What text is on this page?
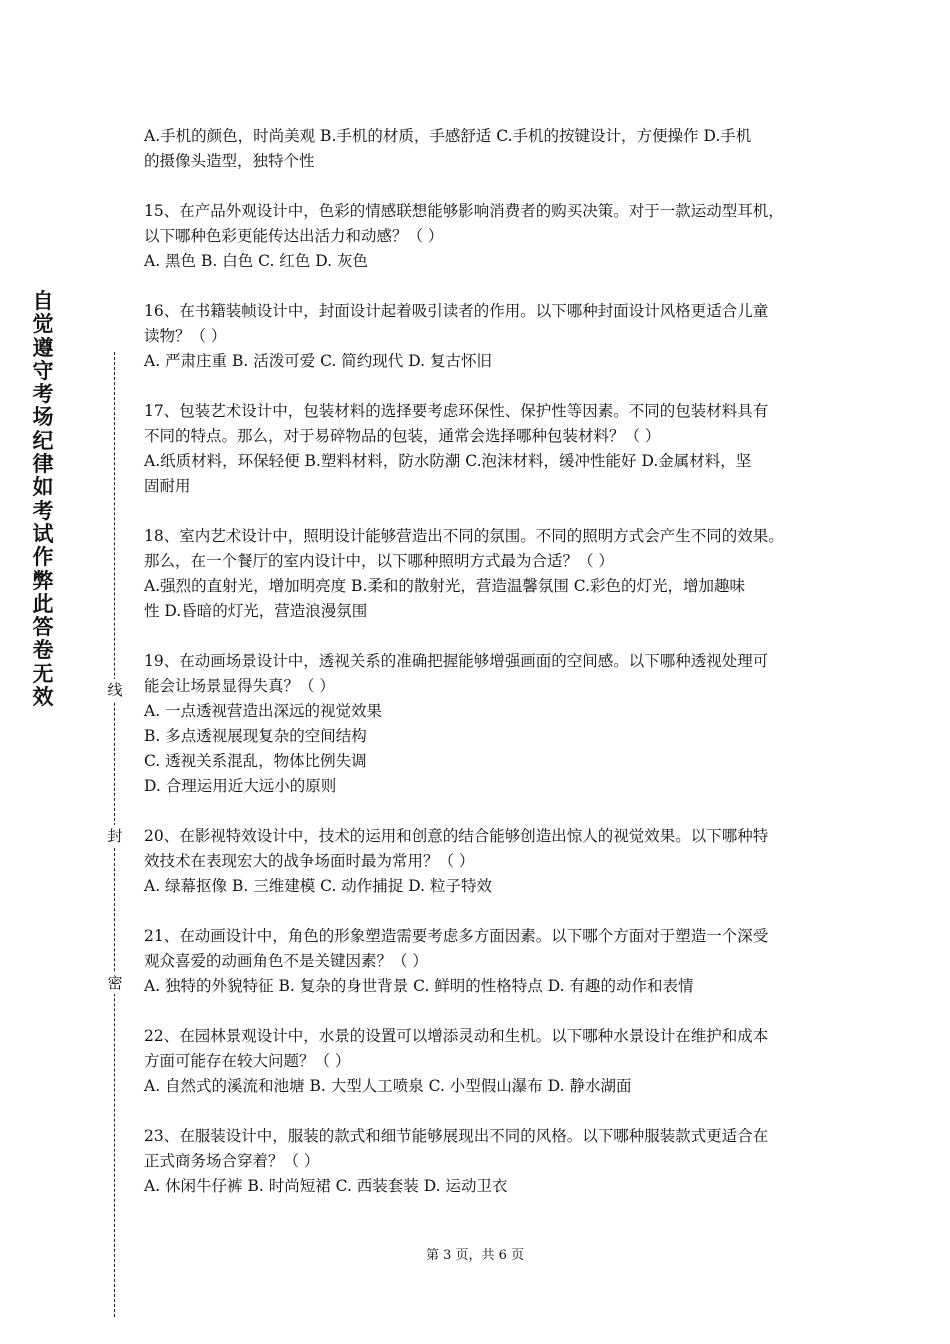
自觉遵守考场纪律如考试作弊此答卷无效	线
封
密
A.手机的颜色，时尚美观 B.手机的材质，手感舒适 C.手机的按键设计，方便操作 D.手机
的摄像头造型，独特个性
15、在产品外观设计中，色彩的情感联想能够影响消费者的购买决策。对于一款运动型耳机，
以下哪种色彩更能传达出活力和动感？（ ）
A. 黑色 B. 白色 C. 红色 D. 灰色
16、在书籍装帧设计中，封面设计起着吸引读者的作用。以下哪种封面设计风格更适合儿童
读物？（ ）
A. 严肃庄重 B. 活泼可爱 C. 简约现代 D. 复古怀旧
17、包装艺术设计中，包装材料的选择要考虑环保性、保护性等因素。不同的包装材料具有
不同的特点。那么，对于易碎物品的包装，通常会选择哪种包装材料？（ ）
A.纸质材料，环保轻便 B.塑料材料，防水防潮 C.泡沫材料，缓冲性能好 D.金属材料，坚
固耐用
18、室内艺术设计中，照明设计能够营造出不同的氛围。不同的照明方式会产生不同的效果。
那么，在一个餐厅的室内设计中，以下哪种照明方式最为合适？（ ）
A.强烈的直射光，增加明亮度 B.柔和的散射光，营造温馨氛围 C.彩色的灯光，增加趣味
性 D.昏暗的灯光，营造浪漫氛围
19、在动画场景设计中，透视关系的准确把握能够增强画面的空间感。以下哪种透视处理可
能会让场景显得失真？（ ）
A. 一点透视营造出深远的视觉效果
B. 多点透视展现复杂的空间结构
C. 透视关系混乱，物体比例失调
D. 合理运用近大远小的原则
20、在影视特效设计中，技术的运用和创意的结合能够创造出惊人的视觉效果。以下哪种特
效技术在表现宏大的战争场面时最为常用？（ ）
A. 绿幕抠像 B. 三维建模 C. 动作捕捉 D. 粒子特效
21、在动画设计中，角色的形象塑造需要考虑多方面因素。以下哪个方面对于塑造一个深受
观众喜爱的动画角色不是关键因素？（ ）
A. 独特的外貌特征 B. 复杂的身世背景 C. 鲜明的性格特点 D. 有趣的动作和表情
22、在园林景观设计中，水景的设置可以增添灵动和生机。以下哪种水景设计在维护和成本
方面可能存在较大问题？（ ）
A. 自然式的溪流和池塘 B. 大型人工喷泉 C. 小型假山瀑布 D. 静水湖面
23、在服装设计中，服装的款式和细节能够展现出不同的风格。以下哪种服装款式更适合在
正式商务场合穿着？（ ）
A. 休闲牛仔裤 B. 时尚短裙 C. 西装套装 D. 运动卫衣
第 3 页，共 6 页
